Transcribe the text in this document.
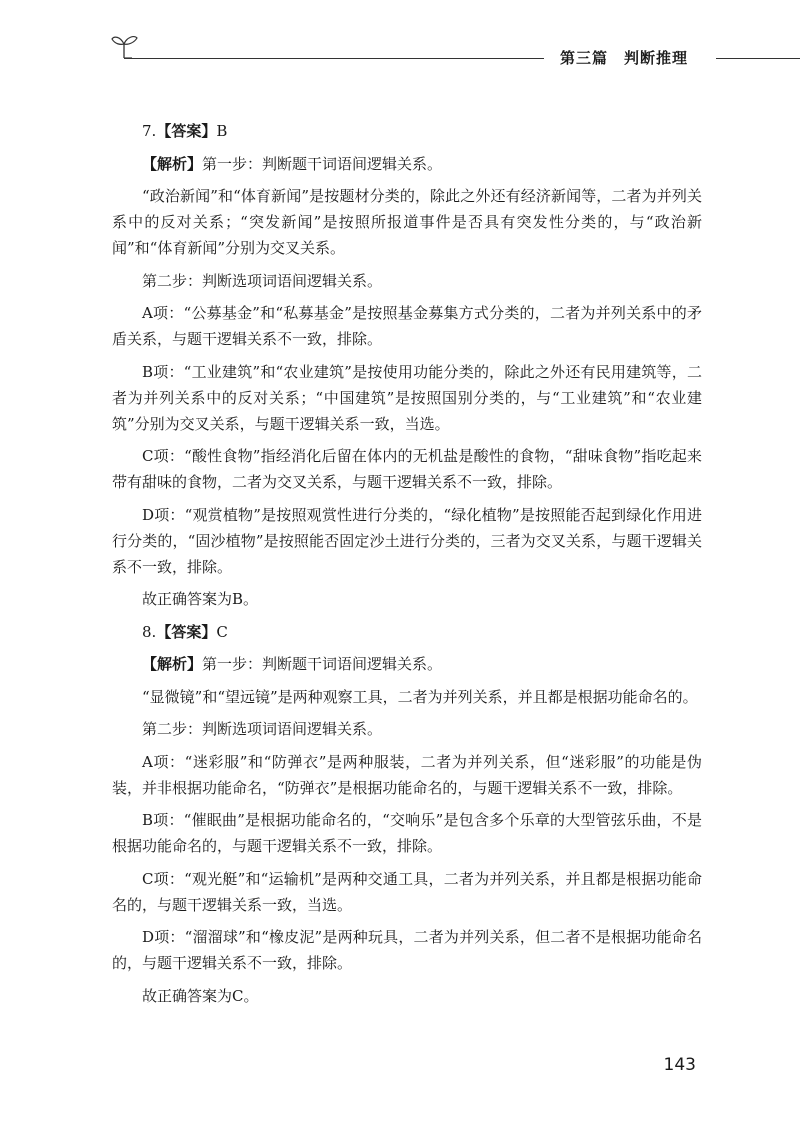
第三篇　判断推理

7.【答案】B

【解析】第一步：判断题干词语间逻辑关系。

“政治新闻”和“体育新闻”是按题材分类的，除此之外还有经济新闻等，二者为并列关系中的反对关系；“突发新闻”是按照所报道事件是否具有突发性分类的，与“政治新闻”和“体育新闻”分别为交叉关系。

第二步：判断选项词语间逻辑关系。

A项：“公募基金”和“私募基金”是按照基金募集方式分类的，二者为并列关系中的矛盾关系，与题干逻辑关系不一致，排除。

B项：“工业建筑”和“农业建筑”是按使用功能分类的，除此之外还有民用建筑等，二者为并列关系中的反对关系；“中国建筑”是按照国别分类的，与“工业建筑”和“农业建筑”分别为交叉关系，与题干逻辑关系一致，当选。

C项：“酸性食物”指经消化后留在体内的无机盐是酸性的食物，“甜味食物”指吃起来带有甜味的食物，二者为交叉关系，与题干逻辑关系不一致，排除。

D项：“观赏植物”是按照观赏性进行分类的，“绿化植物”是按照能否起到绿化作用进行分类的，“固沙植物”是按照能否固定沙土进行分类的，三者为交叉关系，与题干逻辑关系不一致，排除。

故正确答案为B。

8.【答案】C

【解析】第一步：判断题干词语间逻辑关系。

“显微镜”和“望远镜”是两种观察工具，二者为并列关系，并且都是根据功能命名的。

第二步：判断选项词语间逻辑关系。

A项：“迷彩服”和“防弹衣”是两种服装，二者为并列关系，但“迷彩服”的功能是伪装，并非根据功能命名，“防弹衣”是根据功能命名的，与题干逻辑关系不一致，排除。

B项：“催眠曲”是根据功能命名的，“交响乐”是包含多个乐章的大型管弦乐曲，不是根据功能命名的，与题干逻辑关系不一致，排除。

C项：“观光艇”和“运输机”是两种交通工具，二者为并列关系，并且都是根据功能命名的，与题干逻辑关系一致，当选。

D项：“溜溜球”和“橡皮泥”是两种玩具，二者为并列关系，但二者不是根据功能命名的，与题干逻辑关系不一致，排除。

故正确答案为C。

143
